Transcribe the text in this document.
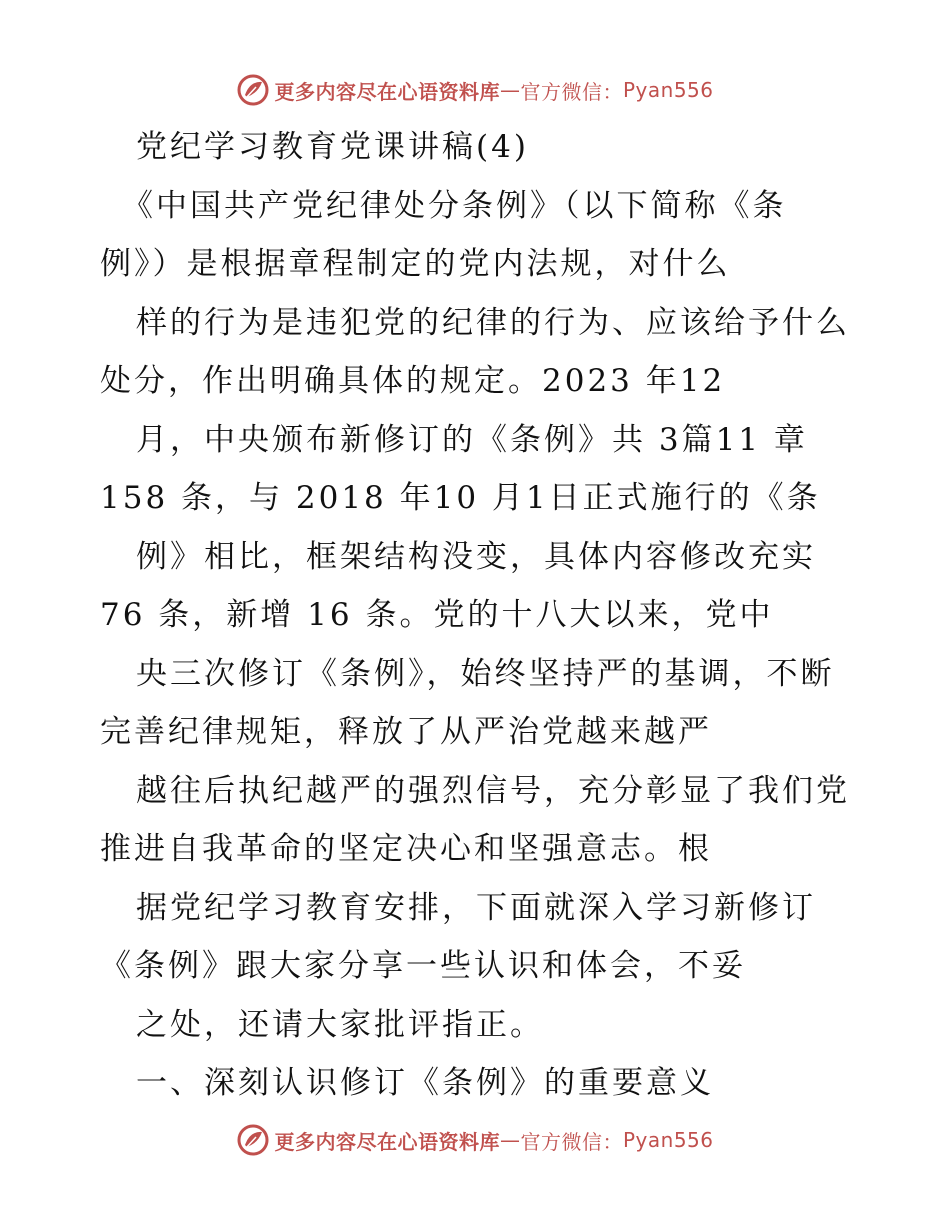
更多内容尽在心语资料库 — 官方微信： Pyan556
党纪学习教育党课讲稿(4)
《中国共产党纪律处分条例》（以下简称《条
例》）是根据章程制定的党内法规，对什么
样的行为是违犯党的纪律的行为、应该给予什么
处分，作出明确具体的规定。2023 年12
月，中央颁布新修订的《条例》共 3篇11 章
158 条，与 2018 年10 月1日正式施行的《条
例》相比，框架结构没变，具体内容修改充实
76 条，新增 16 条。党的十八大以来，党中
央三次修订《条例》，始终坚持严的基调，不断
完善纪律规矩，释放了从严治党越来越严
越往后执纪越严的强烈信号，充分彰显了我们党
推进自我革命的坚定决心和坚强意志。根
据党纪学习教育安排，下面就深入学习新修订
《条例》跟大家分享一些认识和体会，不妥
之处，还请大家批评指正。
一、深刻认识修订《条例》的重要意义
更多内容尽在心语资料库 — 官方微信： Pyan556
